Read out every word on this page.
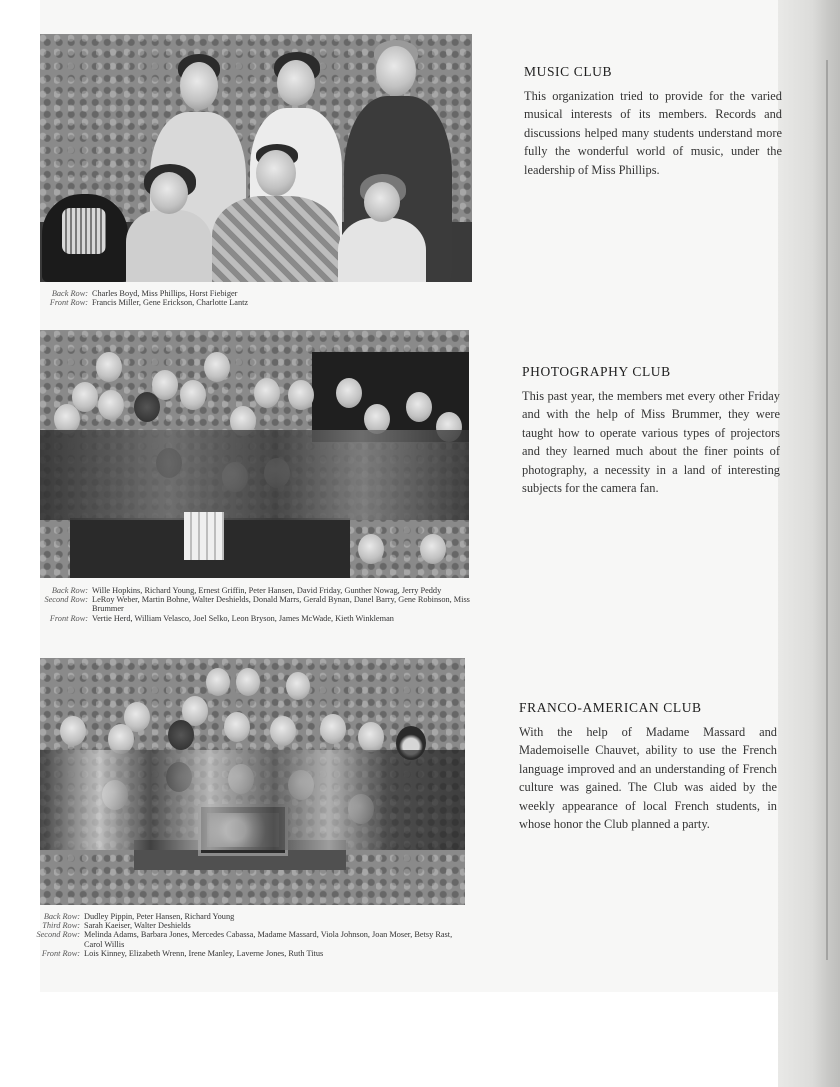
Back Row: Charles Boyd, Miss Phillips, Horst Fiebiger
Front Row: Francis Miller, Gene Erickson, Charlotte Lantz
MUSIC CLUB

This organization tried to provide for the varied musical interests of its members. Records and discussions helped many students understand more fully the wonderful world of music, under the leadership of Miss Phillips.

Back Row: Wille Hopkins, Richard Young, Ernest Griffin, Peter Hansen, David Friday, Gunther Nowag, Jerry Peddy
Second Row: LeRoy Weber, Martin Bohne, Walter Deshields, Donald Marrs, Gerald Bynan, Danel Barry, Gene Robinson, Miss Brummer
Front Row: Vertie Herd, William Velasco, Joel Selko, Leon Bryson, James McWade, Kieth Winkleman
PHOTOGRAPHY CLUB

This past year, the members met every other Friday and with the help of Miss Brummer, they were taught how to operate various types of projectors and they learned much about the finer points of photography, a necessity in a land of interesting subjects for the camera fan.

Back Row: Dudley Pippin, Peter Hansen, Richard Young
Third Row: Sarah Kaeiser, Walter Deshields
Second Row: Melinda Adams, Barbara Jones, Mercedes Cabassa, Madame Massard, Viola Johnson, Joan Moser, Betsy Rast, Carol Willis
Front Row: Lois Kinney, Elizabeth Wrenn, Irene Manley, Laverne Jones, Ruth Titus
FRANCO-AMERICAN CLUB

With the help of Madame Massard and Mademoiselle Chauvet, ability to use the French language improved and an understanding of French culture was gained. The Club was aided by the weekly appearance of local French students, in whose honor the Club planned a party.
